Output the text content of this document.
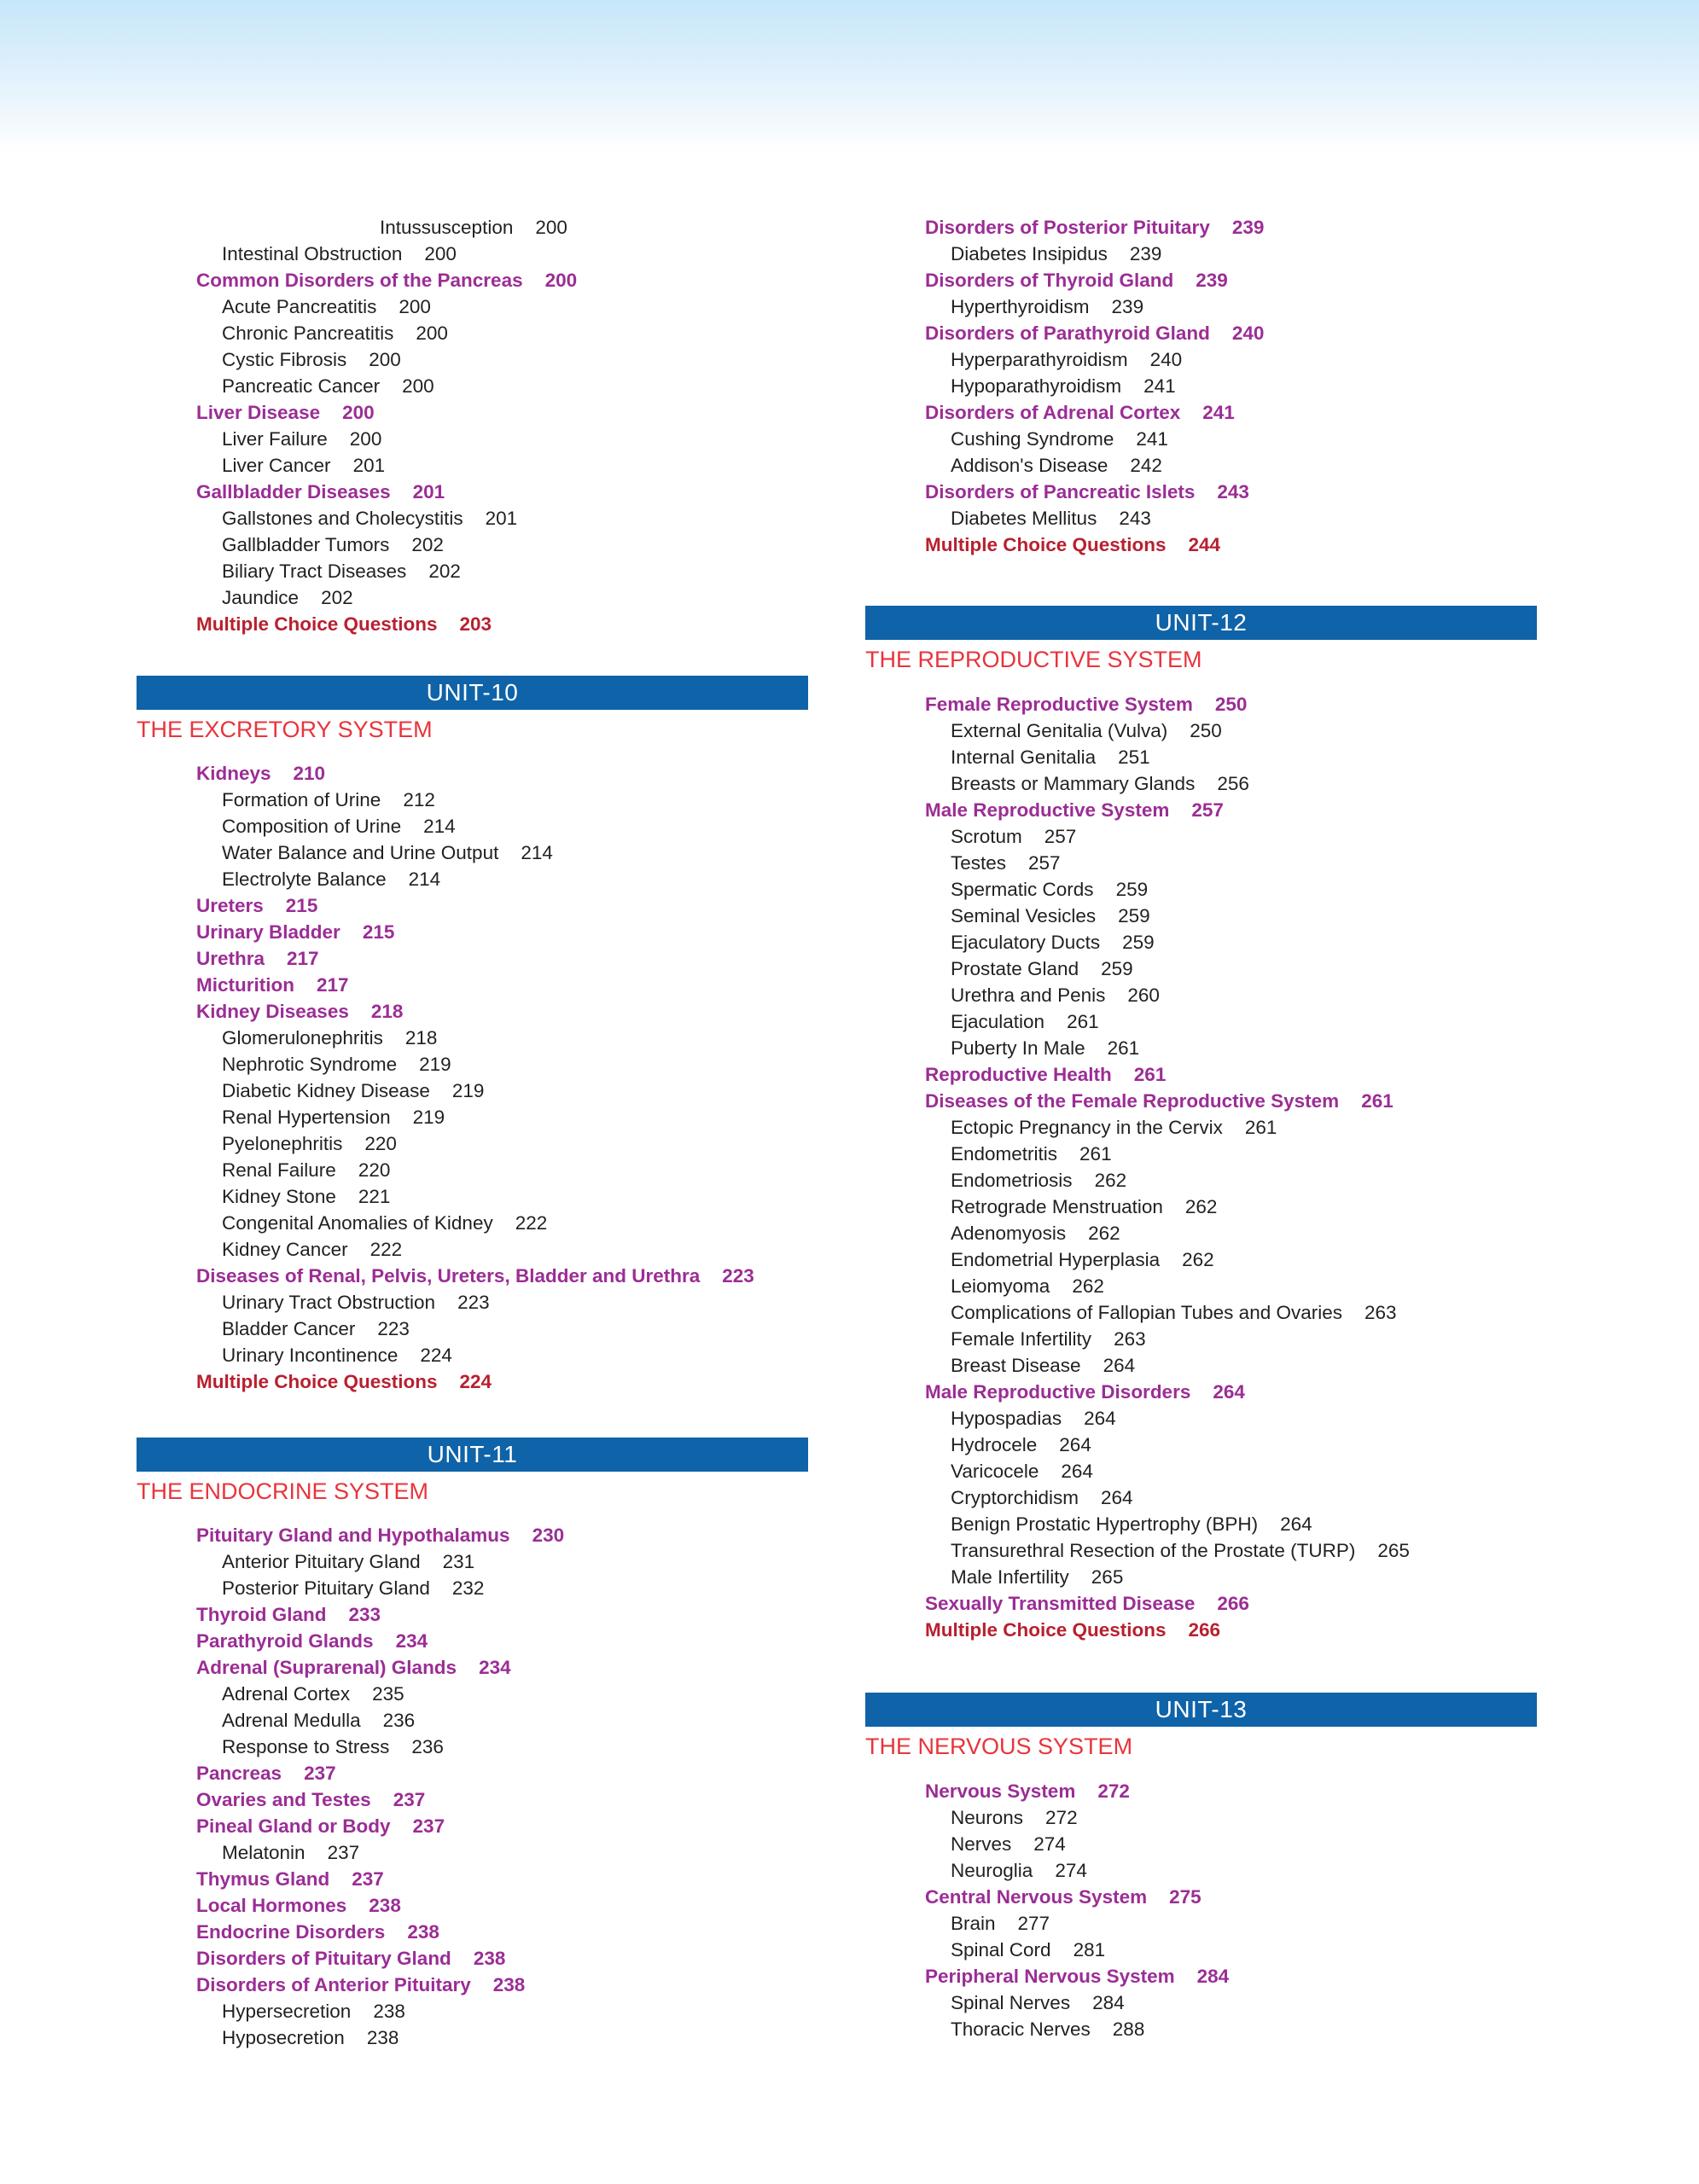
Intussusception 200
Intestinal Obstruction 200
Common Disorders of the Pancreas 200
Acute Pancreatitis 200
Chronic Pancreatitis 200
Cystic Fibrosis 200
Pancreatic Cancer 200
Liver Disease 200
Liver Failure 200
Liver Cancer 201
Gallbladder Diseases 201
Gallstones and Cholecystitis 201
Gallbladder Tumors 202
Biliary Tract Diseases 202
Jaundice 202
Multiple Choice Questions 203
UNIT-10
THE EXCRETORY SYSTEM
Kidneys 210
Formation of Urine 212
Composition of Urine 214
Water Balance and Urine Output 214
Electrolyte Balance 214
Ureters 215
Urinary Bladder 215
Urethra 217
Micturition 217
Kidney Diseases 218
Glomerulonephritis 218
Nephrotic Syndrome 219
Diabetic Kidney Disease 219
Renal Hypertension 219
Pyelonephritis 220
Renal Failure 220
Kidney Stone 221
Congenital Anomalies of Kidney 222
Kidney Cancer 222
Diseases of Renal, Pelvis, Ureters, Bladder and Urethra 223
Urinary Tract Obstruction 223
Bladder Cancer 223
Urinary Incontinence 224
Multiple Choice Questions 224
UNIT-11
THE ENDOCRINE SYSTEM
Pituitary Gland and Hypothalamus 230
Anterior Pituitary Gland 231
Posterior Pituitary Gland 232
Thyroid Gland 233
Parathyroid Glands 234
Adrenal (Suprarenal) Glands 234
Adrenal Cortex 235
Adrenal Medulla 236
Response to Stress 236
Pancreas 237
Ovaries and Testes 237
Pineal Gland or Body 237
Melatonin 237
Thymus Gland 237
Local Hormones 238
Endocrine Disorders 238
Disorders of Pituitary Gland 238
Disorders of Anterior Pituitary 238
Hypersecretion 238
Hyposecretion 238
Disorders of Posterior Pituitary 239
Diabetes Insipidus 239
Disorders of Thyroid Gland 239
Hyperthyroidism 239
Disorders of Parathyroid Gland 240
Hyperparathyroidism 240
Hypoparathyroidism 241
Disorders of Adrenal Cortex 241
Cushing Syndrome 241
Addison's Disease 242
Disorders of Pancreatic Islets 243
Diabetes Mellitus 243
Multiple Choice Questions 244
UNIT-12
THE REPRODUCTIVE SYSTEM
Female Reproductive System 250
External Genitalia (Vulva) 250
Internal Genitalia 251
Breasts or Mammary Glands 256
Male Reproductive System 257
Scrotum 257
Testes 257
Spermatic Cords 259
Seminal Vesicles 259
Ejaculatory Ducts 259
Prostate Gland 259
Urethra and Penis 260
Ejaculation 261
Puberty In Male 261
Reproductive Health 261
Diseases of the Female Reproductive System 261
Ectopic Pregnancy in the Cervix 261
Endometritis 261
Endometriosis 262
Retrograde Menstruation 262
Adenomyosis 262
Endometrial Hyperplasia 262
Leiomyoma 262
Complications of Fallopian Tubes and Ovaries 263
Female Infertility 263
Breast Disease 264
Male Reproductive Disorders 264
Hypospadias 264
Hydrocele 264
Varicocele 264
Cryptorchidism 264
Benign Prostatic Hypertrophy (BPH) 264
Transurethral Resection of the Prostate (TURP) 265
Male Infertility 265
Sexually Transmitted Disease 266
Multiple Choice Questions 266
UNIT-13
THE NERVOUS SYSTEM
Nervous System 272
Neurons 272
Nerves 274
Neuroglia 274
Central Nervous System 275
Brain 277
Spinal Cord 281
Peripheral Nervous System 284
Spinal Nerves 284
Thoracic Nerves 288
